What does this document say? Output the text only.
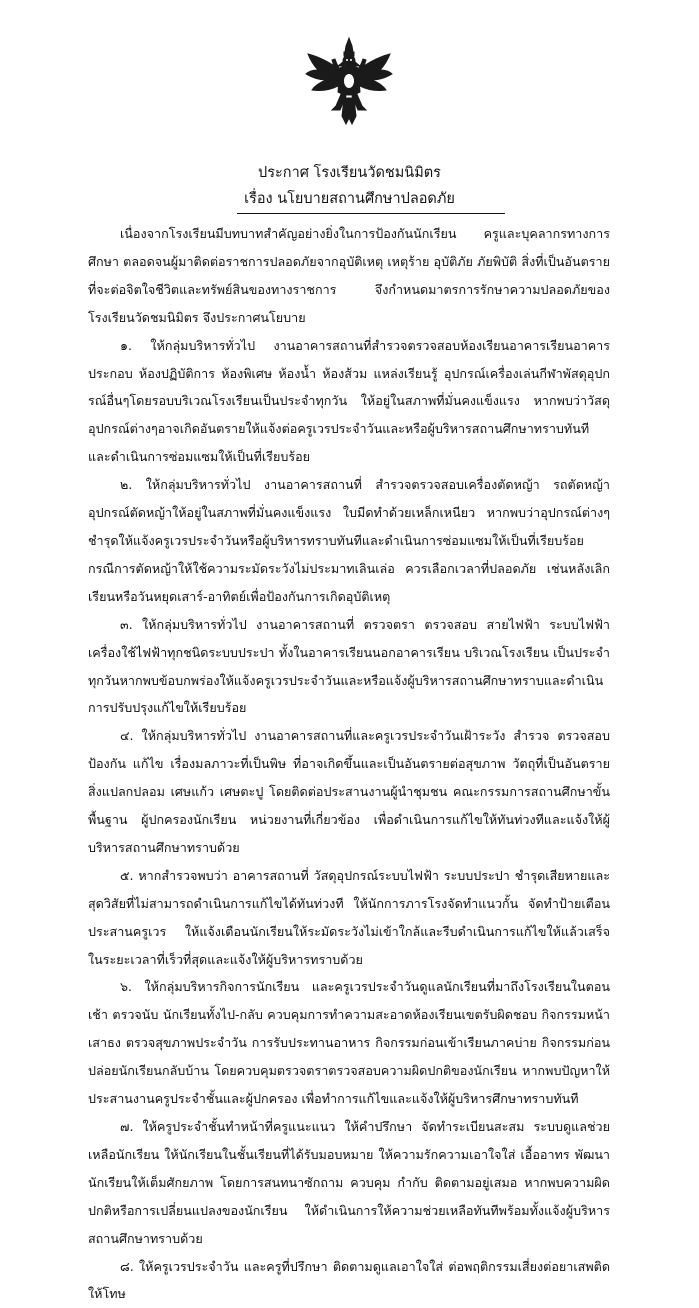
ประกาศ โรงเรียนวัดชมนิมิตร
เรื่อง นโยบายสถานศึกษาปลอดภัย

เนื่องจากโรงเรียนมีบทบาทสำคัญอย่างยิ่งในการป้องกันนักเรียน ครูและบุคลากรทางการศึกษา ตลอดจนผู้มาติดต่อราชการปลอดภัยจากอุบัติเหตุ เหตุร้าย อุบัติภัย ภัยพิบัติ สิ่งที่เป็นอันตรายที่จะต่อจิตใจชีวิตและทรัพย์สินของทางราชการ จึงกำหนดมาตรการรักษาความปลอดภัยของโรงเรียนวัดชมนิมิตร จึงประกาศนโยบาย

๑. ให้กลุ่มบริหารทั่วไป งานอาคารสถานที่สำรวจตรวจสอบห้องเรียนอาคารเรียนอาคารประกอบ ห้องปฏิบัติการ ห้องพิเศษ ห้องน้ำ ห้องส้วม แหล่งเรียนรู้ อุปกรณ์เครื่องเล่นกีฬาพัสดุอุปกรณ์อื่นๆโดยรอบบริเวณโรงเรียนเป็นประจำทุกวัน ให้อยู่ในสภาพที่มั่นคงแข็งแรง หากพบว่าวัสดุอุปกรณ์ต่างๆอาจเกิดอันตรายให้แจ้งต่อครูเวรประจำวันและหรือผู้บริหารสถานศึกษาทราบทันทีและดำเนินการซ่อมแซมให้เป็นที่เรียบร้อย

๒. ให้กลุ่มบริหารทั่วไป งานอาคารสถานที่ สำรวจตรวจสอบเครื่องตัดหญ้า รถตัดหญ้า อุปกรณ์ตัดหญ้าให้อยู่ในสภาพที่มั่นคงแข็งแรง ใบมีดทำด้วยเหล็กเหนียว หากพบว่าอุปกรณ์ต่างๆชำรุดให้แจ้งครูเวรประจำวันหรือผู้บริหารทราบทันทีและดำเนินการซ่อมแซมให้เป็นที่เรียบร้อย กรณีการตัดหญ้าให้ใช้ความระมัดระวังไม่ประมาทเลินเล่อ ควรเลือกเวลาที่ปลอดภัย เช่นหลังเลิกเรียนหรือวันหยุดเสาร์-อาทิตย์เพื่อป้องกันการเกิดอุบัติเหตุ

๓. ให้กลุ่มบริหารทั่วไป งานอาคารสถานที่ ตรวจตรา ตรวจสอบ สายไฟฟ้า ระบบไฟฟ้า เครื่องใช้ไฟฟ้าทุกชนิดระบบประปา ทั้งในอาคารเรียนนอกอาคารเรียน บริเวณโรงเรียน เป็นประจำทุกวันหากพบข้อบกพร่องให้แจ้งครูเวรประจำวันและหรือแจ้งผู้บริหารสถานศึกษาทราบและดำเนินการปรับปรุงแก้ไขให้เรียบร้อย

๔. ให้กลุ่มบริหารทั่วไป งานอาคารสถานที่และครูเวรประจำวันเฝ้าระวัง สำรวจ ตรวจสอบ ป้องกัน แก้ไข เรื่องมลภาวะที่เป็นพิษ ที่อาจเกิดขึ้นและเป็นอันตรายต่อสุขภาพ วัตถุที่เป็นอันตราย สิ่งแปลกปลอม เศษแก้ว เศษตะปู โดยติดต่อประสานงานผู้นำชุมชน คณะกรรมการสถานศึกษาขั้นพื้นฐาน ผู้ปกครองนักเรียน หน่วยงานที่เกี่ยวข้อง เพื่อดำเนินการแก้ไขให้ทันท่วงทีและแจ้งให้ผู้บริหารสถานศึกษาทราบด้วย

๕. หากสำรวจพบว่า อาคารสถานที่ วัสดุอุปกรณ์ระบบไฟฟ้า ระบบประปา ชำรุดเสียหายและสุดวิสัยที่ไม่สามารถดำเนินการแก้ไขได้ทันท่วงที ให้นักการภารโรงจัดทำแนวกั้น จัดทำป้ายเตือน ประสานครูเวร ให้แจ้งเตือนนักเรียนให้ระมัดระวังไม่เข้าใกล้และรีบดำเนินการแก้ไขให้แล้วเสร็จในระยะเวลาที่เร็วที่สุดและแจ้งให้ผู้บริหารทราบด้วย

๖. ให้กลุ่มบริหารกิจการนักเรียน และครูเวรประจำวันดูแลนักเรียนที่มาถึงโรงเรียนในตอนเช้า ตรวจนับ นักเรียนทั้งไป-กลับ ควบคุมการทำความสะอาดห้องเรียนเขตรับผิดชอบ กิจกรรมหน้าเสาธง ตรวจสุขภาพประจำวัน การรับประทานอาหาร กิจกรรมก่อนเข้าเรียนภาคบ่าย กิจกรรมก่อนปล่อยนักเรียนกลับบ้าน โดยควบคุมตรวจตราตรวจสอบความผิดปกติของนักเรียน หากพบปัญหาให้ประสานงานครูประจำชั้นและผู้ปกครอง เพื่อทำการแก้ไขและแจ้งให้ผู้บริหารศึกษาทราบทันที

๗. ให้ครูประจำชั้นทำหน้าที่ครูแนะแนว ให้คำปรึกษา จัดทำระเบียนสะสม ระบบดูแลช่วยเหลือนักเรียน ให้นักเรียนในชั้นเรียนที่ได้รับมอบหมาย ให้ความรักความเอาใจใส่ เอื้ออาทร พัฒนานักเรียนให้เต็มศักยภาพ โดยการสนทนาซักถาม ควบคุม กำกับ ติดตามอยู่เสมอ หากพบความผิดปกติหรือการเปลี่ยนแปลงของนักเรียน ให้ดำเนินการให้ความช่วยเหลือทันทีพร้อมทั้งแจ้งผู้บริหารสถานศึกษาทราบด้วย

๘. ให้ครูเวรประจำวัน และครูที่ปรึกษา ติดตามดูแลเอาใจใส่ ต่อพฤติกรรมเสี่ยงต่อยาเสพติดให้โทษ
